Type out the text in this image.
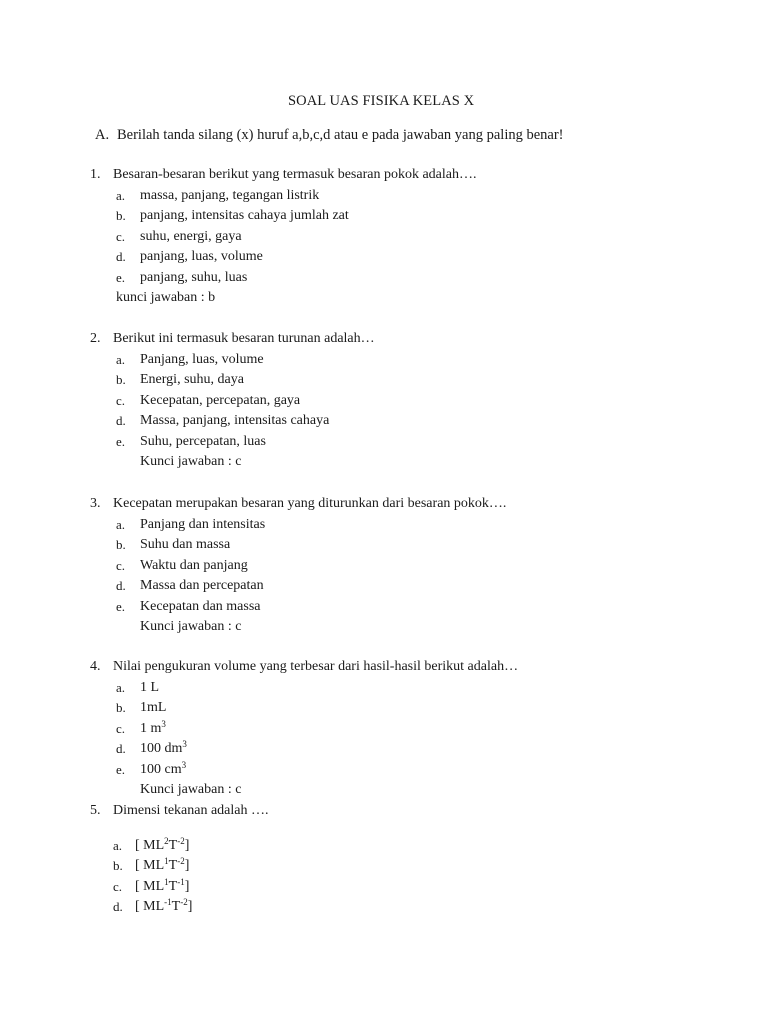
SOAL UAS FISIKA KELAS X
A. Berilah tanda silang (x) huruf a,b,c,d atau e pada jawaban yang paling benar!
1. Besaran-besaran berikut yang termasuk besaran pokok adalah….
a. massa, panjang, tegangan listrik
b. panjang, intensitas cahaya jumlah zat
c. suhu, energi, gaya
d. panjang, luas, volume
e. panjang, suhu, luas
kunci jawaban : b
2. Berikut ini termasuk besaran turunan adalah…
a. Panjang, luas, volume
b. Energi, suhu, daya
c. Kecepatan, percepatan, gaya
d. Massa, panjang, intensitas cahaya
e. Suhu, percepatan, luas
Kunci jawaban : c
3. Kecepatan merupakan besaran yang diturunkan dari besaran pokok….
a. Panjang dan intensitas
b. Suhu dan massa
c. Waktu dan panjang
d. Massa dan percepatan
e. Kecepatan dan massa
Kunci jawaban : c
4. Nilai pengukuran volume yang terbesar dari hasil-hasil berikut adalah…
a. 1 L
b. 1mL
c. 1 $m^3$
d. 100 $dm^3$
e. 100 $cm^3$
Kunci jawaban : c
5. Dimensi tekanan adalah ….
a. [ $ML^2T^{-2}$]
b. [ $ML^1T^{-2}$]
c. [ $ML^1T^{-1}$]
d. [ $ML^{-1}T^{-2}$]
